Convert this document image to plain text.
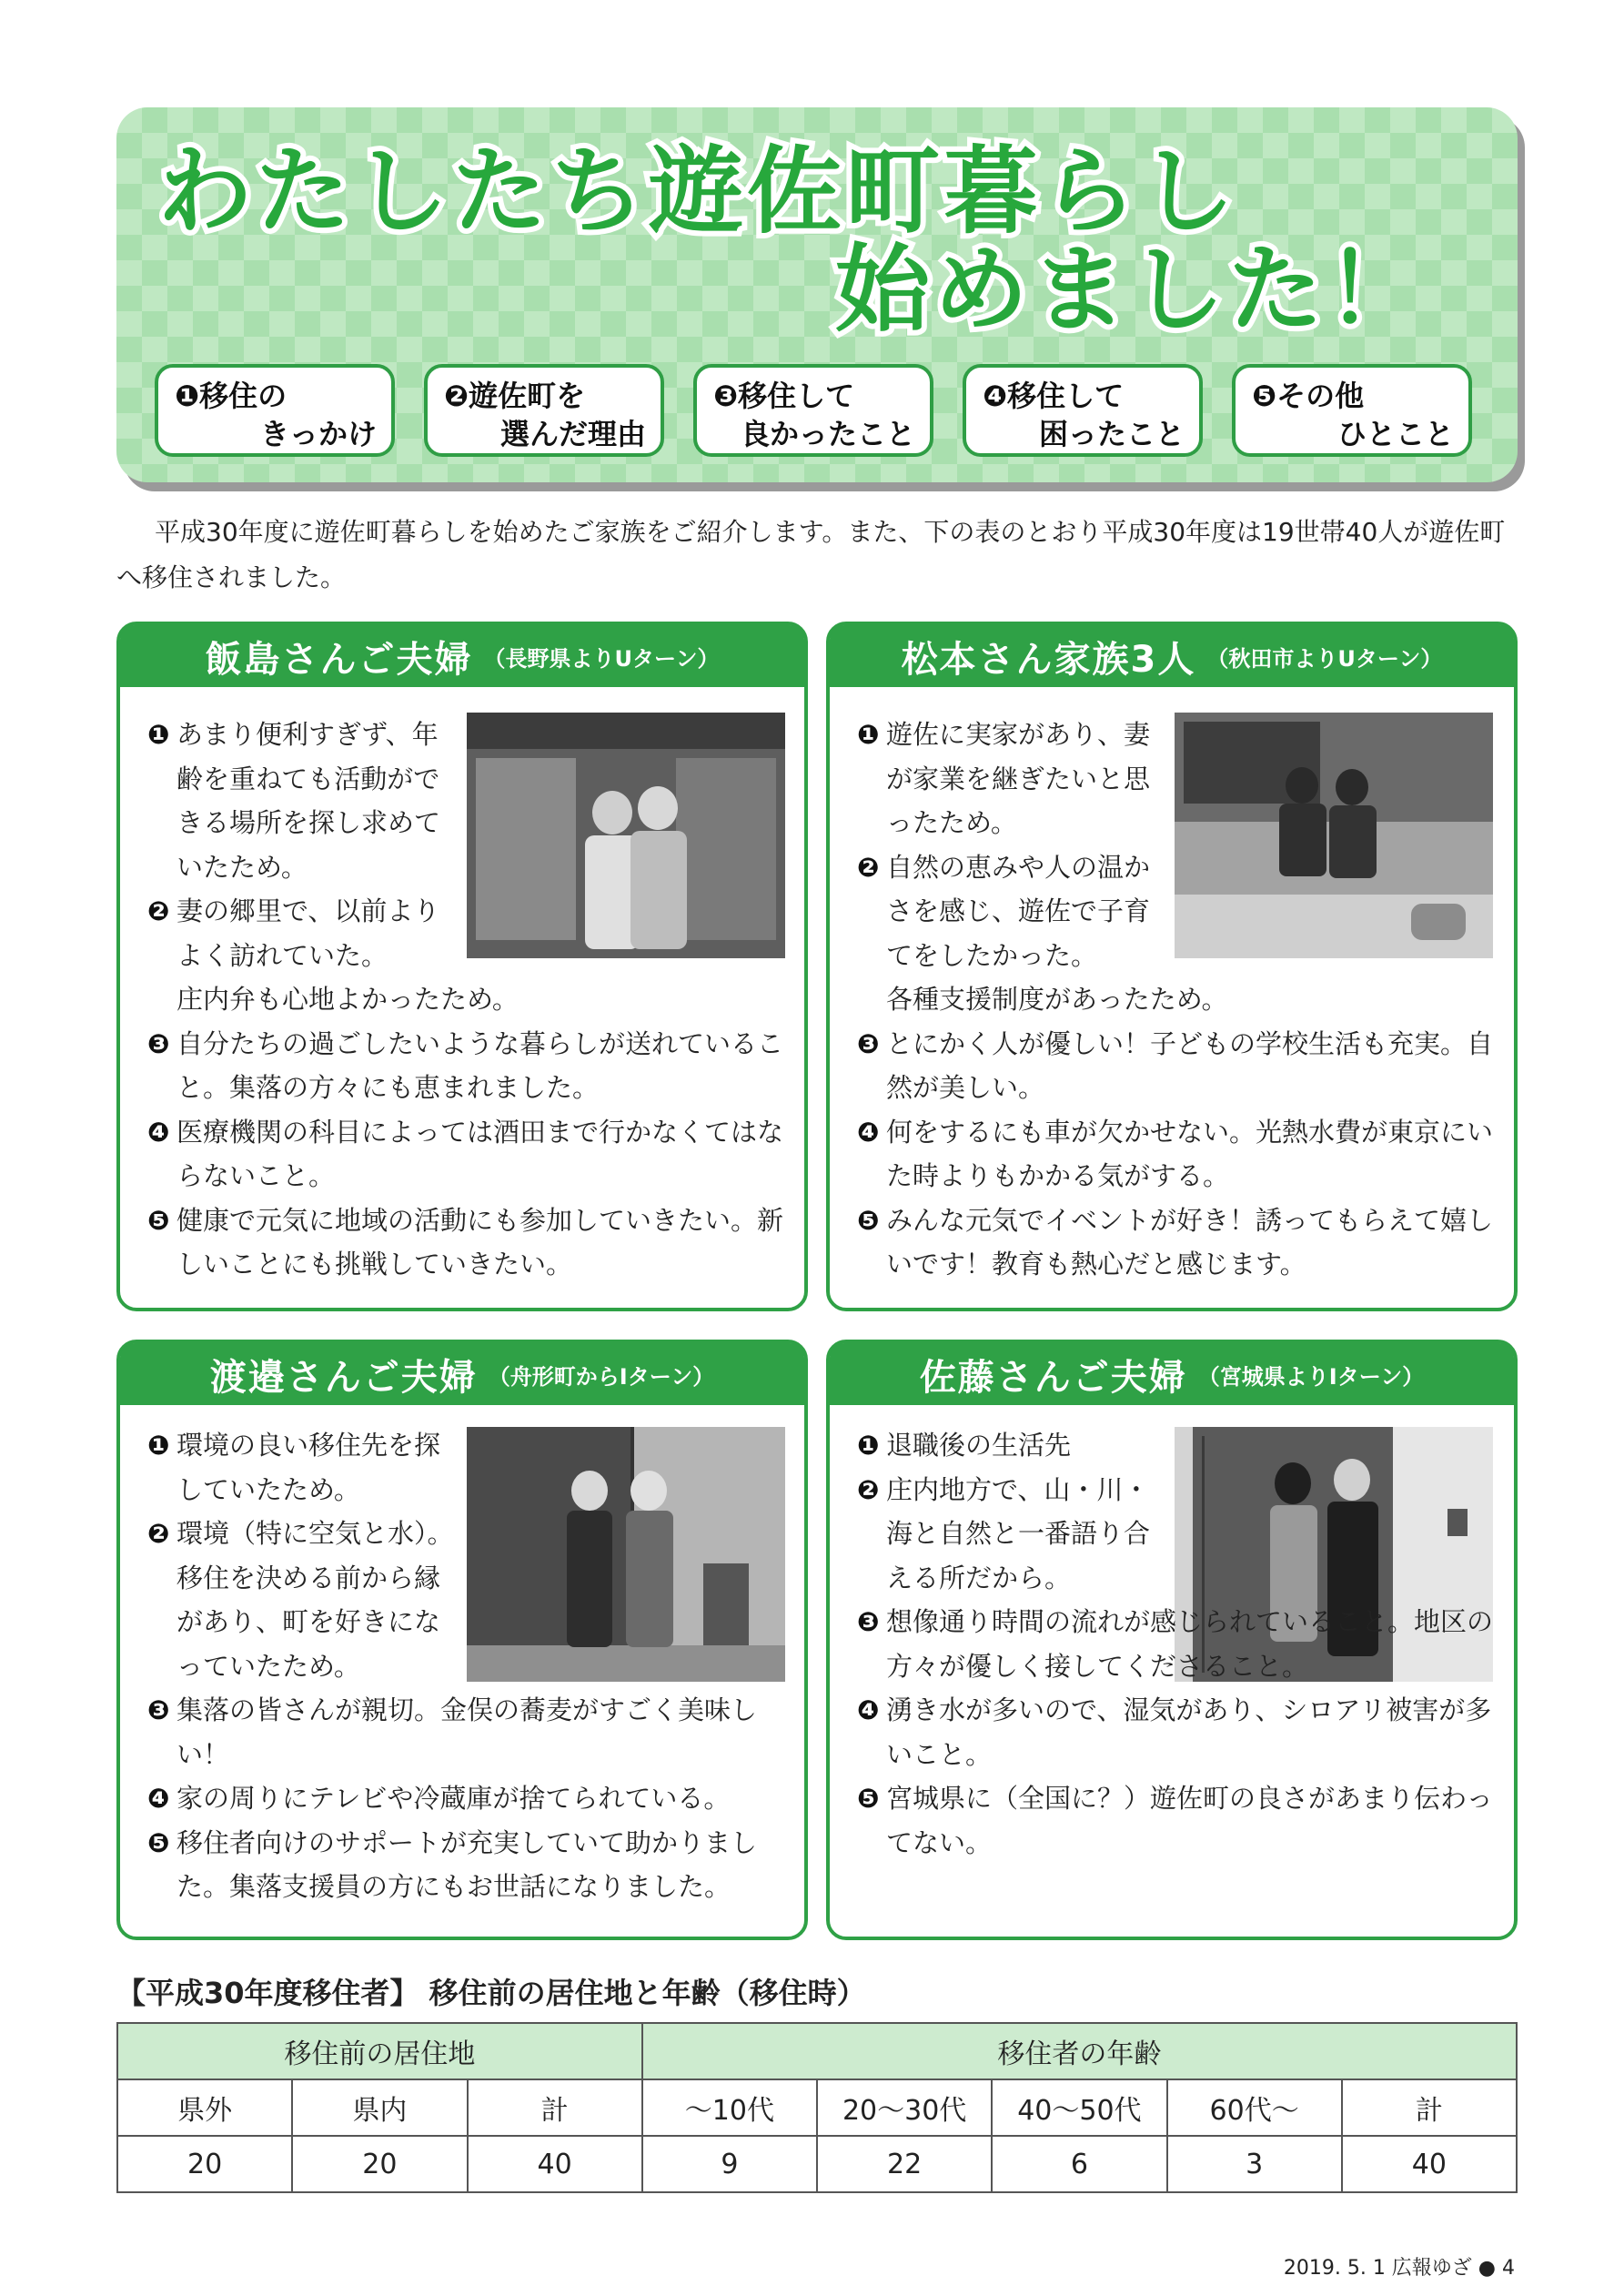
わたしたち遊佐町暮らし
始めました！
❶移住の
きっかけ
❷遊佐町を
選んだ理由
❸移住して
良かったこと
❹移住して
困ったこと
❺その他
ひとこと

平成30年度に遊佐町暮らしを始めたご家族をご紹介します。また、下の表のとおり平成30年度は19世帯40人が遊佐町へ移住されました。

飯島さんご夫婦 （長野県よりUターン）
❶ あまり便利すぎず、年齢を重ねても活動ができる場所を探し求めていたため。
❷ 妻の郷里で、以前よりよく訪れていた。
庄内弁も心地よかったため。
❸ 自分たちの過ごしたいような暮らしが送れていること。集落の方々にも恵まれました。
❹ 医療機関の科目によっては酒田まで行かなくてはならないこと。
❺ 健康で元気に地域の活動にも参加していきたい。新しいことにも挑戦していきたい。
松本さん家族3人 （秋田市よりUターン）
❶ 遊佐に実家があり、妻が家業を継ぎたいと思ったため。
❷ 自然の恵みや人の温かさを感じ、遊佐で子育てをしたかった。
各種支援制度があったため。
❸ とにかく人が優しい！子どもの学校生活も充実。自然が美しい。
❹ 何をするにも車が欠かせない。光熱水費が東京にいた時よりもかかる気がする。
❺ みんな元気でイベントが好き！誘ってもらえて嬉しいです！教育も熱心だと感じます。
渡邉さんご夫婦 （舟形町からIターン）
❶ 環境の良い移住先を探していたため。
❷ 環境（特に空気と水）。移住を決める前から縁があり、町を好きになっていたため。
❸ 集落の皆さんが親切。金俣の蕎麦がすごく美味しい！
❹ 家の周りにテレビや冷蔵庫が捨てられている。
❺ 移住者向けのサポートが充実していて助かりました。集落支援員の方にもお世話になりました。
佐藤さんご夫婦 （宮城県よりIターン）
❶ 退職後の生活先
❷ 庄内地方で、山・川・海と自然と一番語り合える所だから。
❸ 想像通り時間の流れが感じられていること。地区の方々が優しく接してくださること。
❹ 湧き水が多いので、湿気があり、シロアリ被害が多いこと。
❺ 宮城県に（全国に？）遊佐町の良さがあまり伝わってない。
【平成30年度移住者】 移住前の居住地と年齢（移住時）
移住前の居住地			移住者の年齢				
県外	県内	計	〜10代	20〜30代	40〜50代	60代〜	計
20	20	40	9	22	6	3	40
2019. 5. 1 広報ゆざ ● 4
